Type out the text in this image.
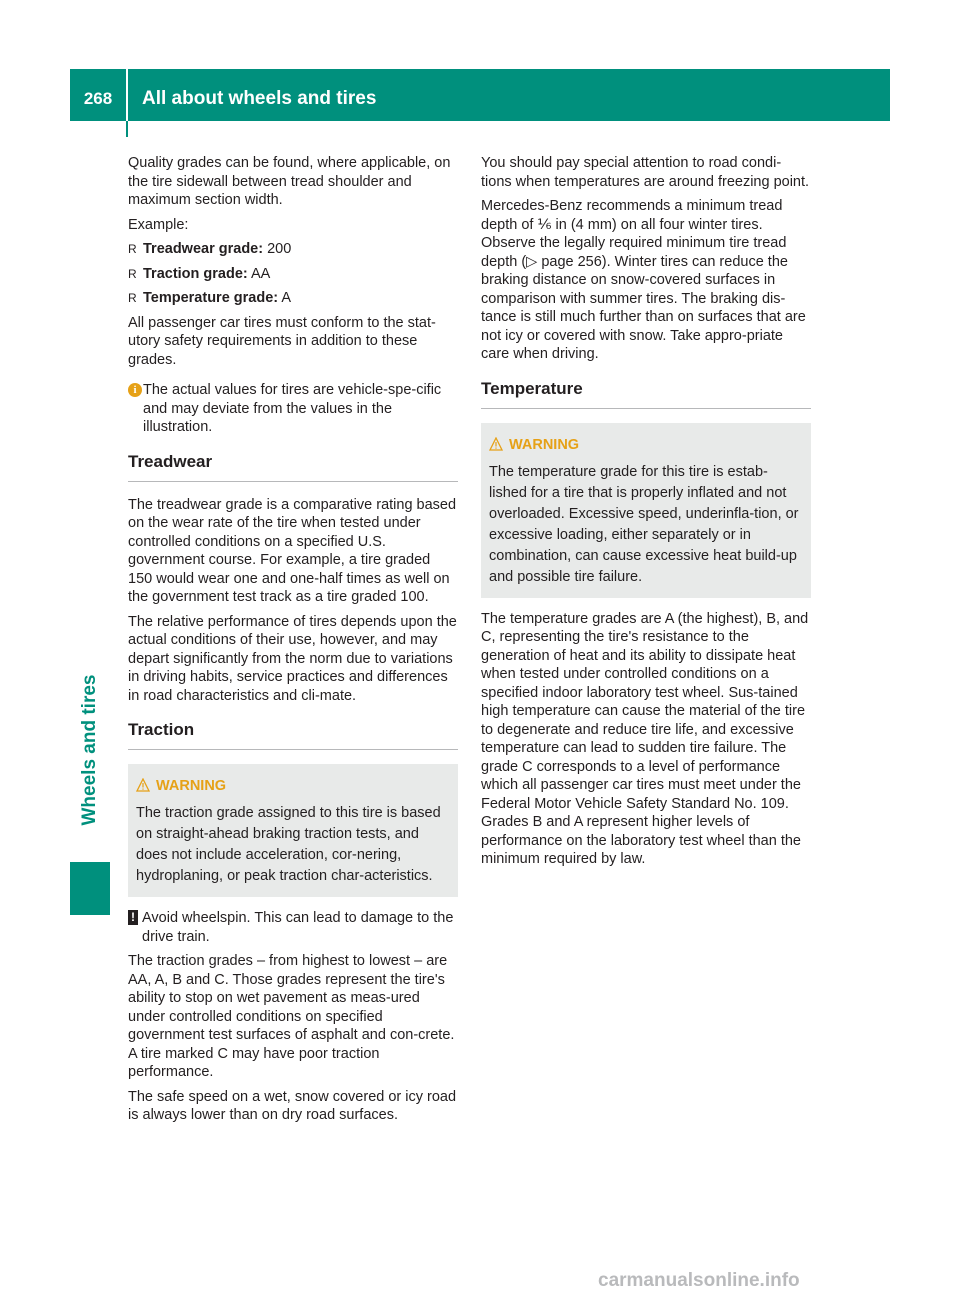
268	All about wheels and tires
Wheels and tires

Quality grades can be found, where applicable, on the tire sidewall between tread shoulder and maximum section width.

Example:

R Treadwear grade: 200
R Traction grade: AA
R Temperature grade: A

All passenger car tires must conform to the stat-utory safety requirements in addition to these grades.

i The actual values for tires are vehicle-spe-cific and may deviate from the values in the illustration.
Treadwear

The treadwear grade is a comparative rating based on the wear rate of the tire when tested under controlled conditions on a specified U.S. government course. For example, a tire graded 150 would wear one and one-half times as well on the government test track as a tire graded 100.

The relative performance of tires depends upon the actual conditions of their use, however, and may depart significantly from the norm due to variations in driving habits, service practices and differences in road characteristics and cli-mate.

Traction
WARNING

The traction grade assigned to this tire is based on straight-ahead braking traction tests, and does not include acceleration, cor-nering, hydroplaning, or peak traction char-acteristics.

! Avoid wheelspin. This can lead to damage to the drive train.

The traction grades – from highest to lowest – are AA, A, B and C. Those grades represent the tire's ability to stop on wet pavement as meas-ured under controlled conditions on specified government test surfaces of asphalt and con-crete. A tire marked C may have poor traction performance.

The safe speed on a wet, snow covered or icy road is always lower than on dry road surfaces.

You should pay special attention to road condi-tions when temperatures are around freezing point.

Mercedes-Benz recommends a minimum tread depth of ⅙ in (4 mm) on all four winter tires. Observe the legally required minimum tire tread depth (▷ page 256). Winter tires can reduce the braking distance on snow-covered surfaces in comparison with summer tires. The braking dis-tance is still much further than on surfaces that are not icy or covered with snow. Take appro-priate care when driving.

Temperature
WARNING

The temperature grade for this tire is estab-lished for a tire that is properly inflated and not overloaded. Excessive speed, underinfla-tion, or excessive loading, either separately or in combination, can cause excessive heat build-up and possible tire failure.

The temperature grades are A (the highest), B, and C, representing the tire's resistance to the generation of heat and its ability to dissipate heat when tested under controlled conditions on a specified indoor laboratory test wheel. Sus-tained high temperature can cause the material of the tire to degenerate and reduce tire life, and excessive temperature can lead to sudden tire failure. The grade C corresponds to a level of performance which all passenger car tires must meet under the Federal Motor Vehicle Safety Standard No. 109. Grades B and A represent higher levels of performance on the laboratory test wheel than the minimum required by law.

carmanualsonline.info
